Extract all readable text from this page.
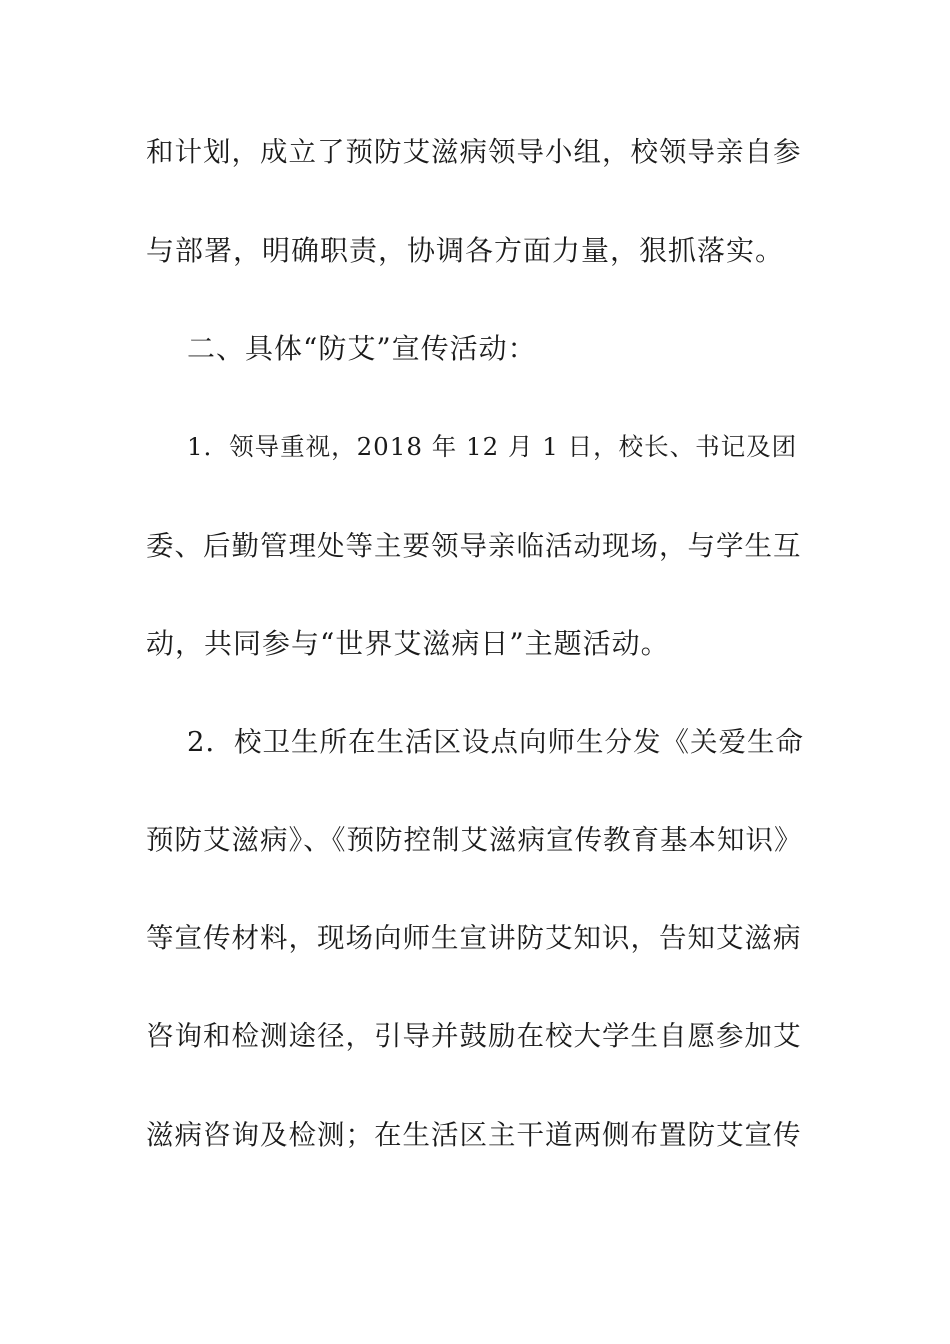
和计划，成立了预防艾滋病领导小组，校领导亲自参
与部署，明确职责，协调各方面力量，狠抓落实。
二、具体“防艾”宣传活动：
1．领导重视，2018 年 12 月 1 日，校长、书记及团
委、后勤管理处等主要领导亲临活动现场，与学生互
动，共同参与“世界艾滋病日”主题活动。
2．校卫生所在生活区设点向师生分发《关爱生命
预防艾滋病》、《预防控制艾滋病宣传教育基本知识》
等宣传材料，现场向师生宣讲防艾知识，告知艾滋病
咨询和检测途径，引导并鼓励在校大学生自愿参加艾
滋病咨询及检测；在生活区主干道两侧布置防艾宣传
